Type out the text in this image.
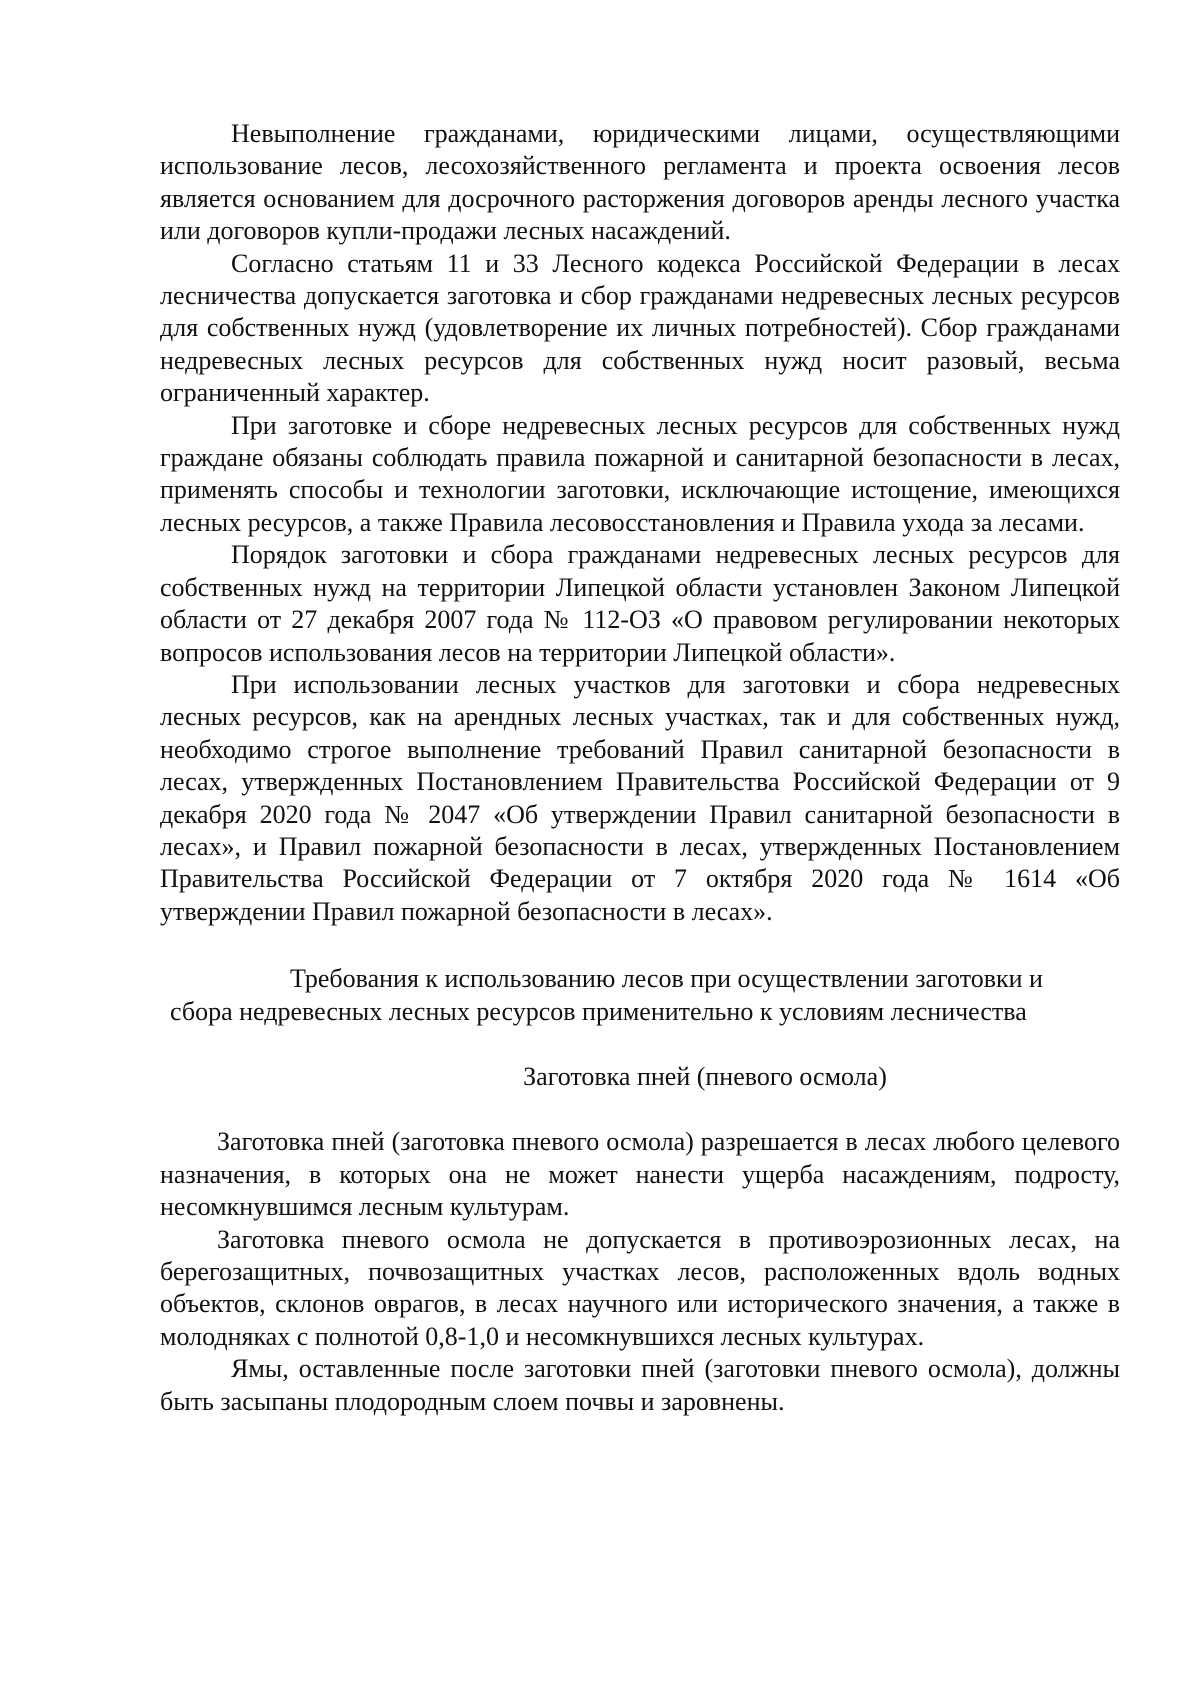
Невыполнение гражданами, юридическими лицами, осуществляющими использование лесов, лесохозяйственного регламента и проекта освоения лесов является основанием для досрочного расторжения договоров аренды лесного участка или договоров купли-продажи лесных насаждений.

Согласно статьям 11 и 33 Лесного кодекса Российской Федерации в лесах лесничества допускается заготовка и сбор гражданами недревесных лесных ресурсов для собственных нужд (удовлетворение их личных потребностей). Сбор гражданами недревесных лесных ресурсов для собственных нужд носит разовый, весьма ограниченный характер.

При заготовке и сборе недревесных лесных ресурсов для собственных нужд граждане обязаны соблюдать правила пожарной и санитарной безопасности в лесах, применять способы и технологии заготовки, исключающие истощение, имеющихся лесных ресурсов, а также Правила лесовосстановления и Правила ухода за лесами.

Порядок заготовки и сбора гражданами недревесных лесных ресурсов для собственных нужд на территории Липецкой области установлен Законом Липецкой области от 27 декабря 2007 года № 112-ОЗ «О правовом регулировании некоторых вопросов использования лесов на территории Липецкой области».

При использовании лесных участков для заготовки и сбора недревесных лесных ресурсов, как на арендных лесных участках, так и для собственных нужд, необходимо строгое выполнение требований Правил санитарной безопасности в лесах, утвержденных Постановлением Правительства Российской Федерации от 9 декабря 2020 года № 2047 «Об утверждении Правил санитарной безопасности в лесах», и Правил пожарной безопасности в лесах, утвержденных Постановлением Правительства Российской Федерации от 7 октября 2020 года № 1614 «Об утверждении Правил пожарной безопасности в лесах».

Требования к использованию лесов при осуществлении заготовки и
сбора недревесных лесных ресурсов применительно к условиям лесничества

Заготовка пней (пневого осмола)

Заготовка пней (заготовка пневого осмола) разрешается в лесах любого целевого назначения, в которых она не может нанести ущерба насаждениям, подросту, несомкнувшимся лесным культурам.

Заготовка пневого осмола не допускается в противоэрозионных лесах, на берегозащитных, почвозащитных участках лесов, расположенных вдоль водных объектов, склонов оврагов, в лесах научного или исторического значения, а также в молодняках с полнотой 0,8-1,0 и несомкнувшихся лесных культурах.

Ямы, оставленные после заготовки пней (заготовки пневого осмола), должны быть засыпаны плодородным слоем почвы и заровнены.
